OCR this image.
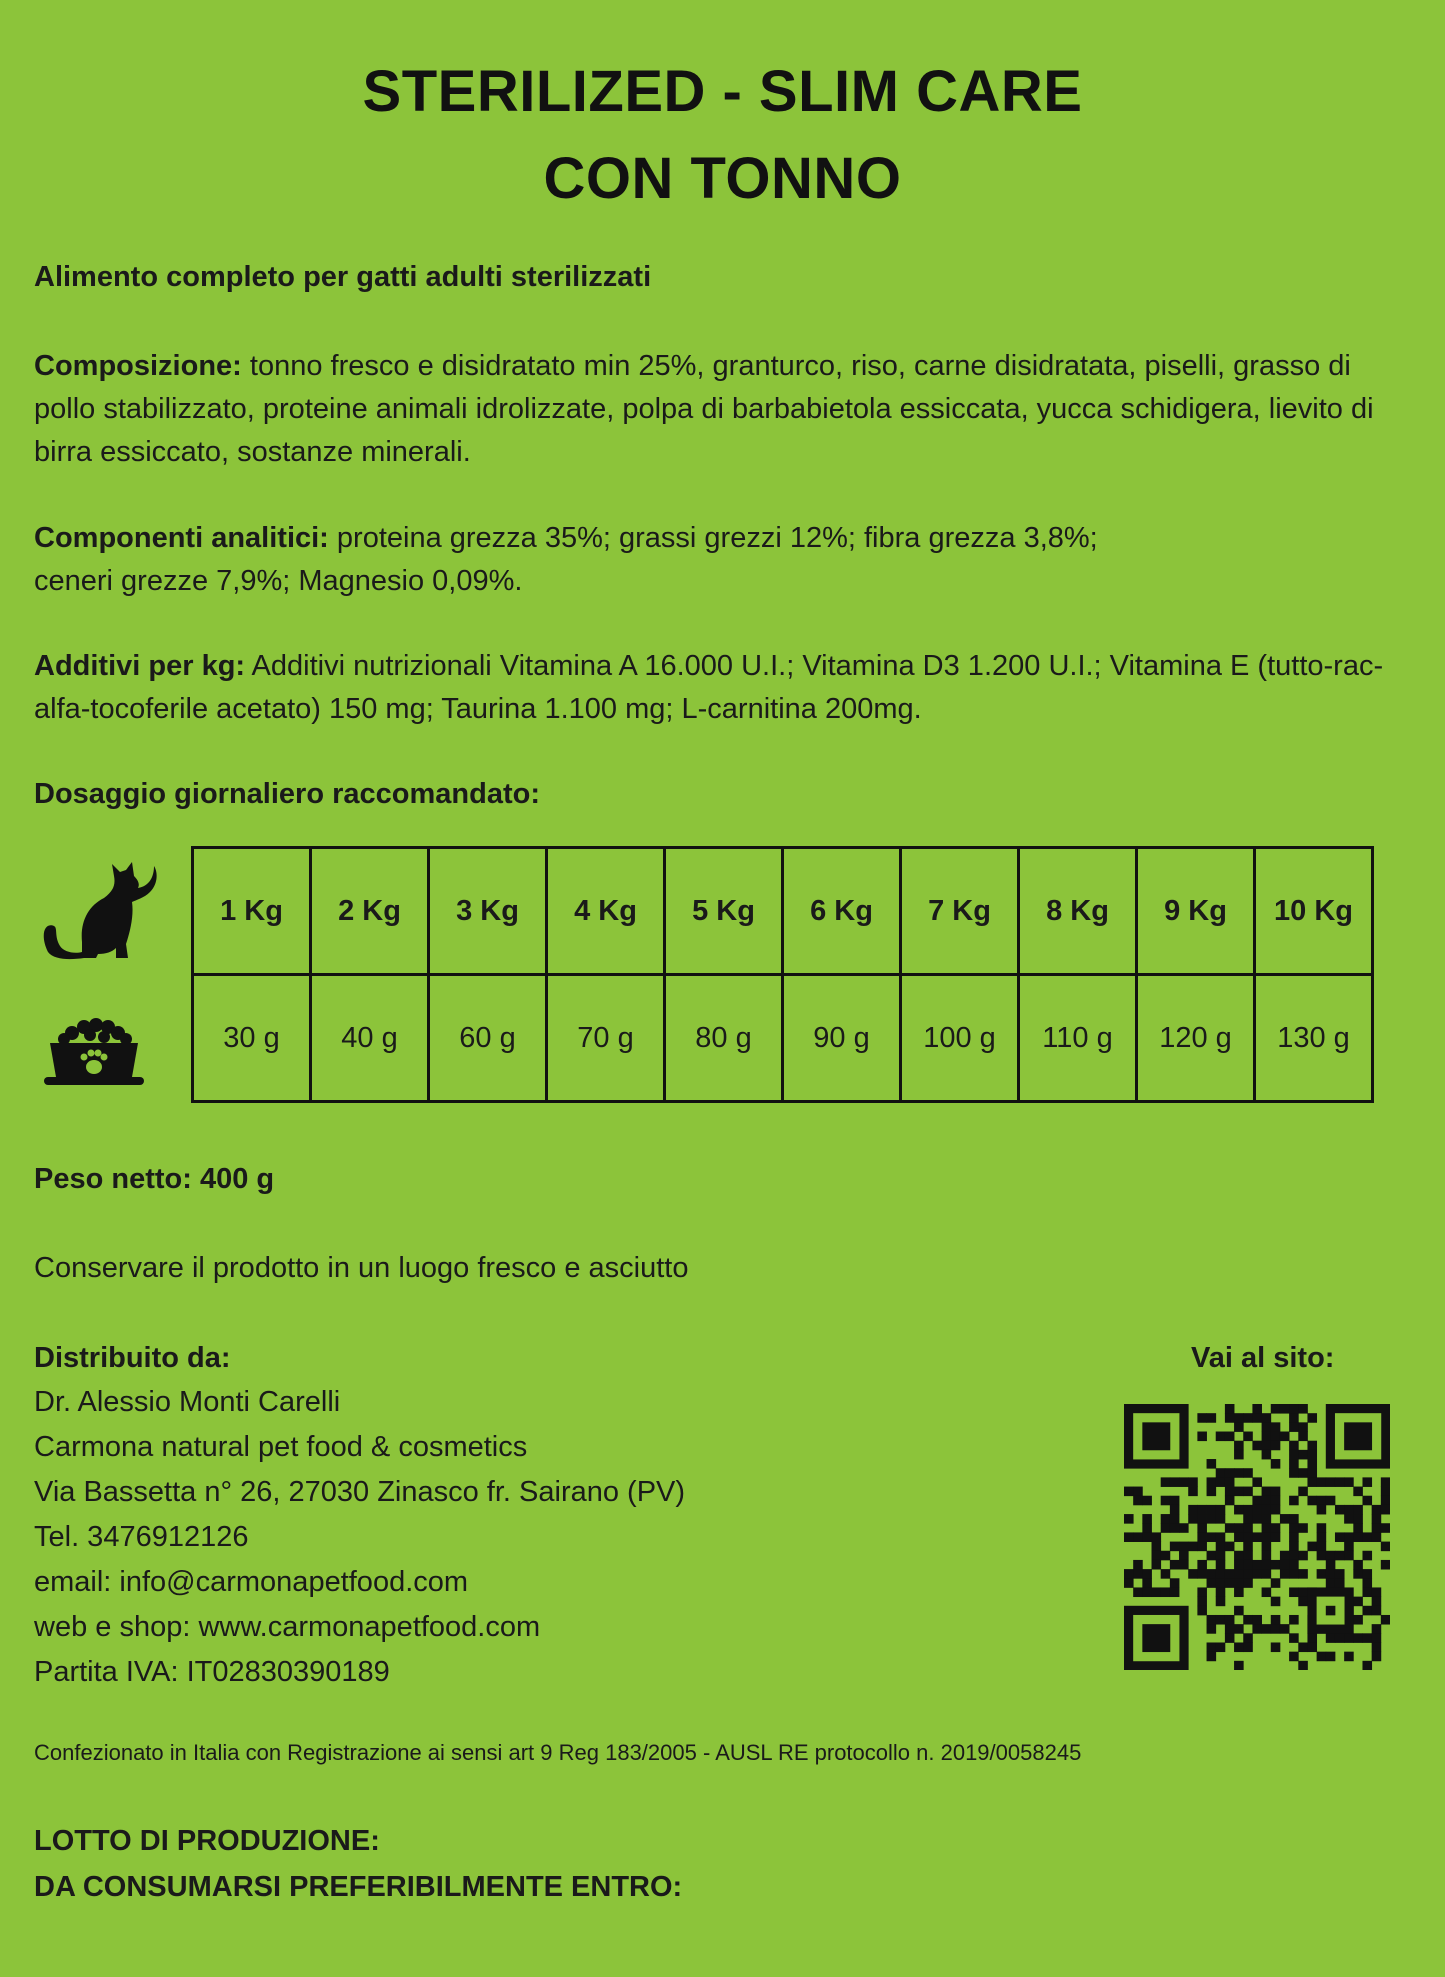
STERILIZED - SLIM CARE
CON TONNO
Alimento completo per gatti adulti sterilizzati
Composizione: tonno fresco e disidratato min 25%, granturco, riso, carne disidratata, piselli, grasso di pollo stabilizzato, proteine animali idrolizzate, polpa di barbabietola essiccata, yucca schidigera, lievito di birra essiccato, sostanze minerali.
Componenti analitici: proteina grezza 35%; grassi grezzi 12%; fibra grezza 3,8%;
ceneri grezze 7,9%; Magnesio 0,09%.
Additivi per kg: Additivi nutrizionali Vitamina A 16.000 U.I.; Vitamina D3 1.200 U.I.; Vitamina E (tutto-rac-alfa-tocoferile acetato) 150 mg; Taurina 1.100 mg; L-carnitina 200mg.
Dosaggio giornaliero raccomandato:
1 Kg	2 Kg	3 Kg	4 Kg	5 Kg	6 Kg	7 Kg	8 Kg	9 Kg	10 Kg
30 g	40 g	60 g	70 g	80 g	90 g	100 g	110 g	120 g	130 g
Peso netto: 400 g
Conservare il prodotto in un luogo fresco e asciutto
Distribuito da:
Dr. Alessio Monti Carelli
Carmona natural pet food & cosmetics
Via Bassetta n° 26, 27030 Zinasco fr. Sairano (PV)
Tel. 3476912126
email: info@carmonapetfood.com
web e shop: www.carmonapetfood.com
Partita IVA: IT02830390189
Vai al sito:
Confezionato in Italia con Registrazione ai sensi art 9 Reg 183/2005 - AUSL RE protocollo n. 2019/0058245
LOTTO DI PRODUZIONE:
DA CONSUMARSI PREFERIBILMENTE ENTRO:
